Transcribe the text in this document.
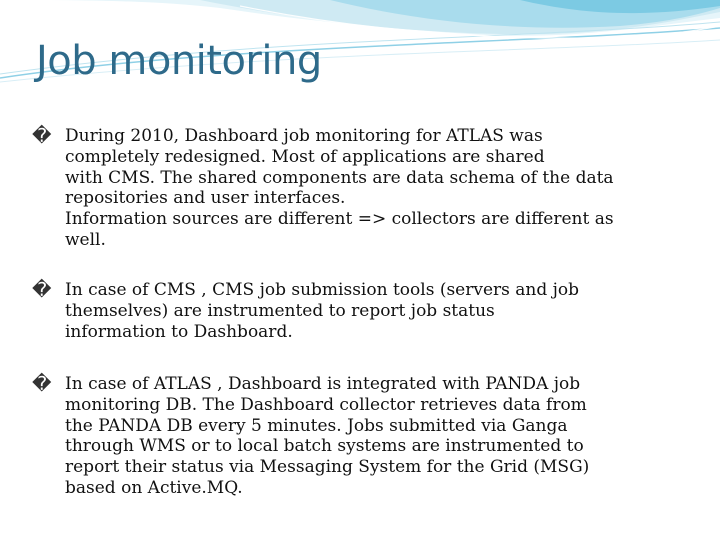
Job monitoring
� During 2010, Dashboard job monitoring for ATLAS was
completely redesigned. Most of applications are shared
with CMS. The shared components are data schema of the data
repositories and user interfaces.
Information sources are different => collectors are different as
well.
� In case of CMS , CMS job submission tools (servers and job
themselves) are instrumented to report job status
information to Dashboard.
� In case of ATLAS , Dashboard is integrated with PANDA job
monitoring DB. The Dashboard collector retrieves data from
the PANDA DB every 5 minutes. Jobs submitted via Ganga
through WMS or to local batch systems are instrumented to
report their status via Messaging System for the Grid (MSG)
based on Active.MQ.
